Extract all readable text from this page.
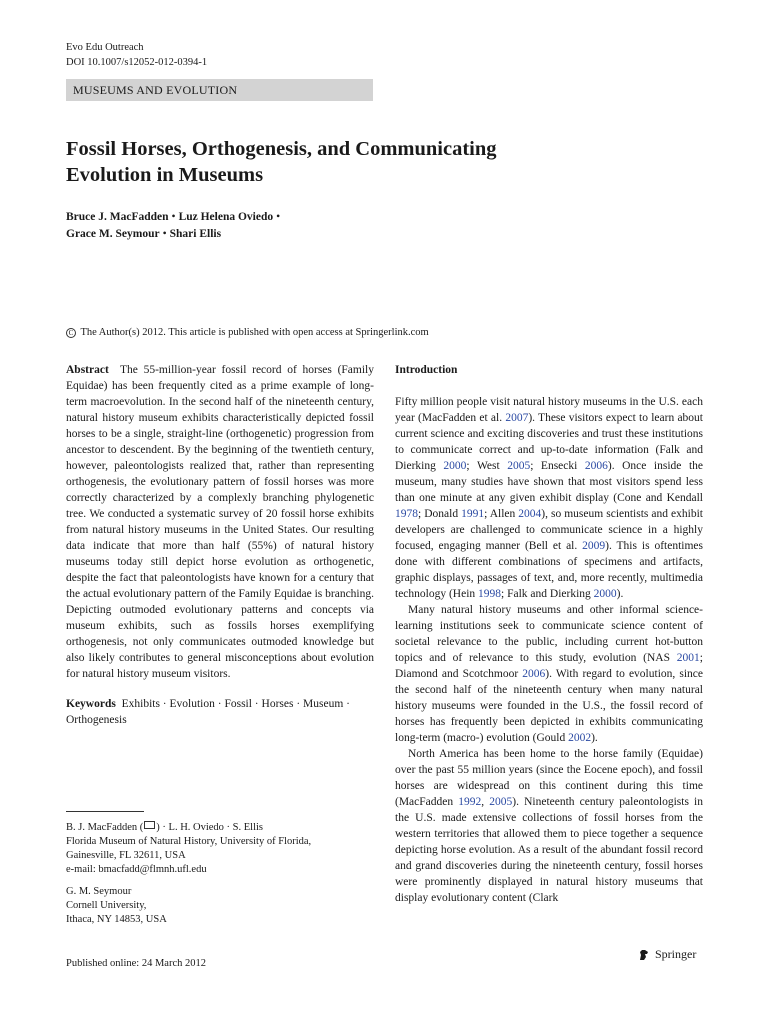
Evo Edu Outreach
DOI 10.1007/s12052-012-0394-1
MUSEUMS AND EVOLUTION
Fossil Horses, Orthogenesis, and Communicating
Evolution in Museums
Bruce J. MacFadden • Luz Helena Oviedo •
Grace M. Seymour • Shari Ellis
C The Author(s) 2012. This article is published with open access at Springerlink.com

Abstract The 55-million-year fossil record of horses (Family Equidae) has been frequently cited as a prime example of long-term macroevolution. In the second half of the nineteenth century, natural history museum exhibits characteristically depicted fossil horses to be a single, straight-line (orthogenetic) progression from ancestor to descendent. By the beginning of the twentieth century, however, paleontologists realized that, rather than representing orthogenesis, the evolutionary pattern of fossil horses was more correctly characterized by a complexly branching phylogenetic tree. We conducted a systematic survey of 20 fossil horse exhibits from natural history museums in the United States. Our resulting data indicate that more than half (55%) of natural history museums today still depict horse evolution as orthogenetic, despite the fact that paleontologists have known for a century that the actual evolutionary pattern of the Family Equidae is branching. Depicting outmoded evolutionary patterns and concepts via museum exhibits, such as fossils horses exemplifying orthogenesis, not only communicates outmoded knowledge but also likely contributes to general misconceptions about evolution for natural history museum visitors.

Keywords Exhibits · Evolution · Fossil · Horses · Museum · Orthogenesis

B. J. MacFadden ( ) · L. H. Oviedo · S. Ellis
Florida Museum of Natural History, University of Florida,
Gainesville, FL 32611, USA
e-mail: bmacfadd@flmnh.ufl.edu
G. M. Seymour
Cornell University,
Ithaca, NY 14853, USA

Introduction

Fifty million people visit natural history museums in the U.S. each year (MacFadden et al. 2007). These visitors expect to learn about current science and exciting discoveries and trust these institutions to communicate correct and up-to-date information (Falk and Dierking 2000; West 2005; Ensecki 2006). Once inside the museum, many studies have shown that most visitors spend less than one minute at any given exhibit display (Cone and Kendall 1978; Donald 1991; Allen 2004), so museum scientists and exhibit developers are challenged to communicate science in a highly focused, engaging manner (Bell et al. 2009). This is oftentimes done with different combinations of specimens and artifacts, graphic displays, passages of text, and, more recently, multimedia technology (Hein 1998; Falk and Dierking 2000).

Many natural history museums and other informal science-learning institutions seek to communicate science content of societal relevance to the public, including current hot-button topics and of relevance to this study, evolution (NAS 2001; Diamond and Scotchmoor 2006). With regard to evolution, since the second half of the nineteenth century when many natural history museums were founded in the U.S., the fossil record of horses has frequently been depicted in exhibits communicating long-term (macro-) evolution (Gould 2002).

North America has been home to the horse family (Equidae) over the past 55 million years (since the Eocene epoch), and fossil horses are widespread on this continent during this time (MacFadden 1992, 2005). Nineteenth century paleontologists in the U.S. made extensive collections of fossil horses from the western territories that allowed them to piece together a sequence depicting horse evolution. As a result of the abundant fossil record and grand discoveries during the nineteenth century, fossil horses were prominently displayed in natural history museums that display evolutionary content (Clark

Published online: 24 March 2012
Springer
